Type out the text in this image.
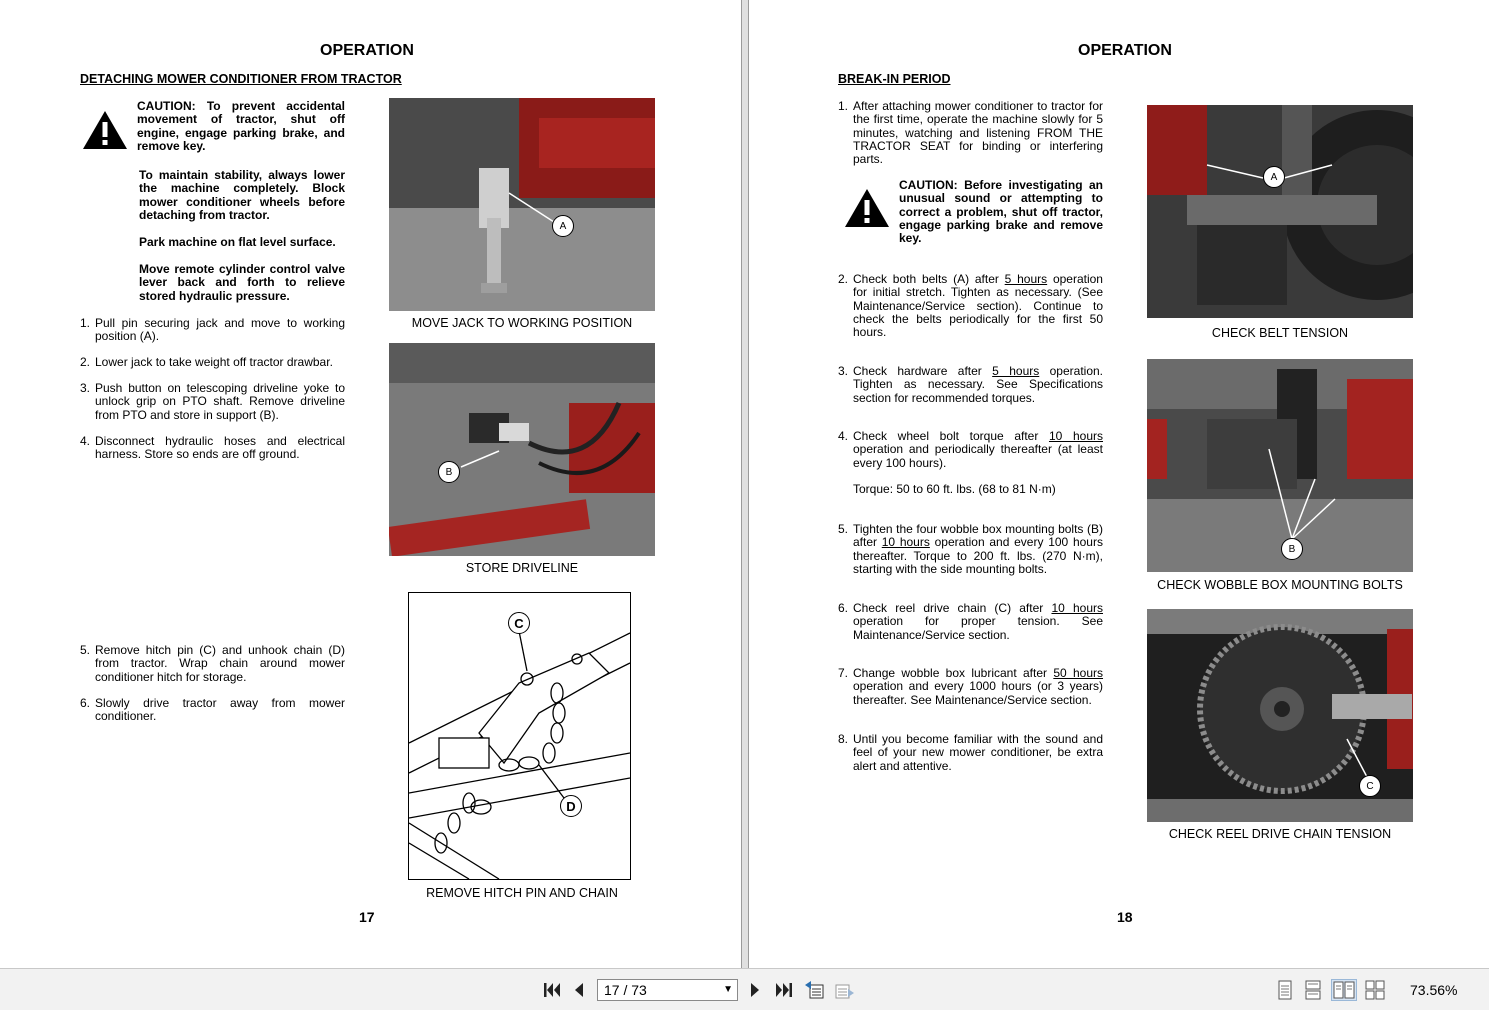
OPERATION
DETACHING MOWER CONDITIONER FROM TRACTOR
CAUTION: To prevent accidental movement of tractor, shut off engine, engage parking brake, and remove key.
To maintain stability, always lower the machine completely. Block mower conditioner wheels before detaching from tractor.
Park machine on flat level surface.
Move remote cylinder control valve lever back and forth to relieve stored hydraulic pressure.
1. Pull pin securing jack and move to working position (A).
2. Lower jack to take weight off tractor drawbar.
3. Push button on telescoping driveline yoke to unlock grip on PTO shaft. Remove driveline from PTO and store in support (B).
4. Disconnect hydraulic hoses and electrical harness. Store so ends are off ground.
5. Remove hitch pin (C) and unhook chain (D) from tractor. Wrap chain around mower conditioner hitch for storage.
6. Slowly drive tractor away from mower conditioner.
A
MOVE JACK TO WORKING POSITION
B
STORE DRIVELINE
C
D
REMOVE HITCH PIN AND CHAIN
17
OPERATION
BREAK-IN PERIOD
1. After attaching mower conditioner to tractor for the first time, operate the machine slowly for 5 minutes, watching and listening FROM THE TRACTOR SEAT for binding or interfering parts.
CAUTION: Before investigating an unusual sound or attempting to correct a problem, shut off tractor, engage parking brake and remove key.
2. Check both belts (A) after 5 hours operation for initial stretch. Tighten as necessary. (See Maintenance/Service section). Continue to check the belts periodically for the first 50 hours.
3. Check hardware after 5 hours operation. Tighten as necessary. See Specifications section for recommended torques.
4. Check wheel bolt torque after 10 hours operation and periodically thereafter (at least every 100 hours).
Torque: 50 to 60 ft. lbs. (68 to 81 N·m)
5. Tighten the four wobble box mounting bolts (B) after 10 hours operation and every 100 hours thereafter. Torque to 200 ft. lbs. (270 N·m), starting with the side mounting bolts.
6. Check reel drive chain (C) after 10 hours operation for proper tension. See Maintenance/Service section.
7. Change wobble box lubricant after 50 hours operation and every 1000 hours (or 3 years) thereafter. See Maintenance/Service section.
8. Until you become familiar with the sound and feel of your new mower conditioner, be extra alert and attentive.
A
CHECK BELT TENSION
B
CHECK WOBBLE BOX MOUNTING BOLTS
C
CHECK REEL DRIVE CHAIN TENSION
18
17 / 73	▼	73.56%
